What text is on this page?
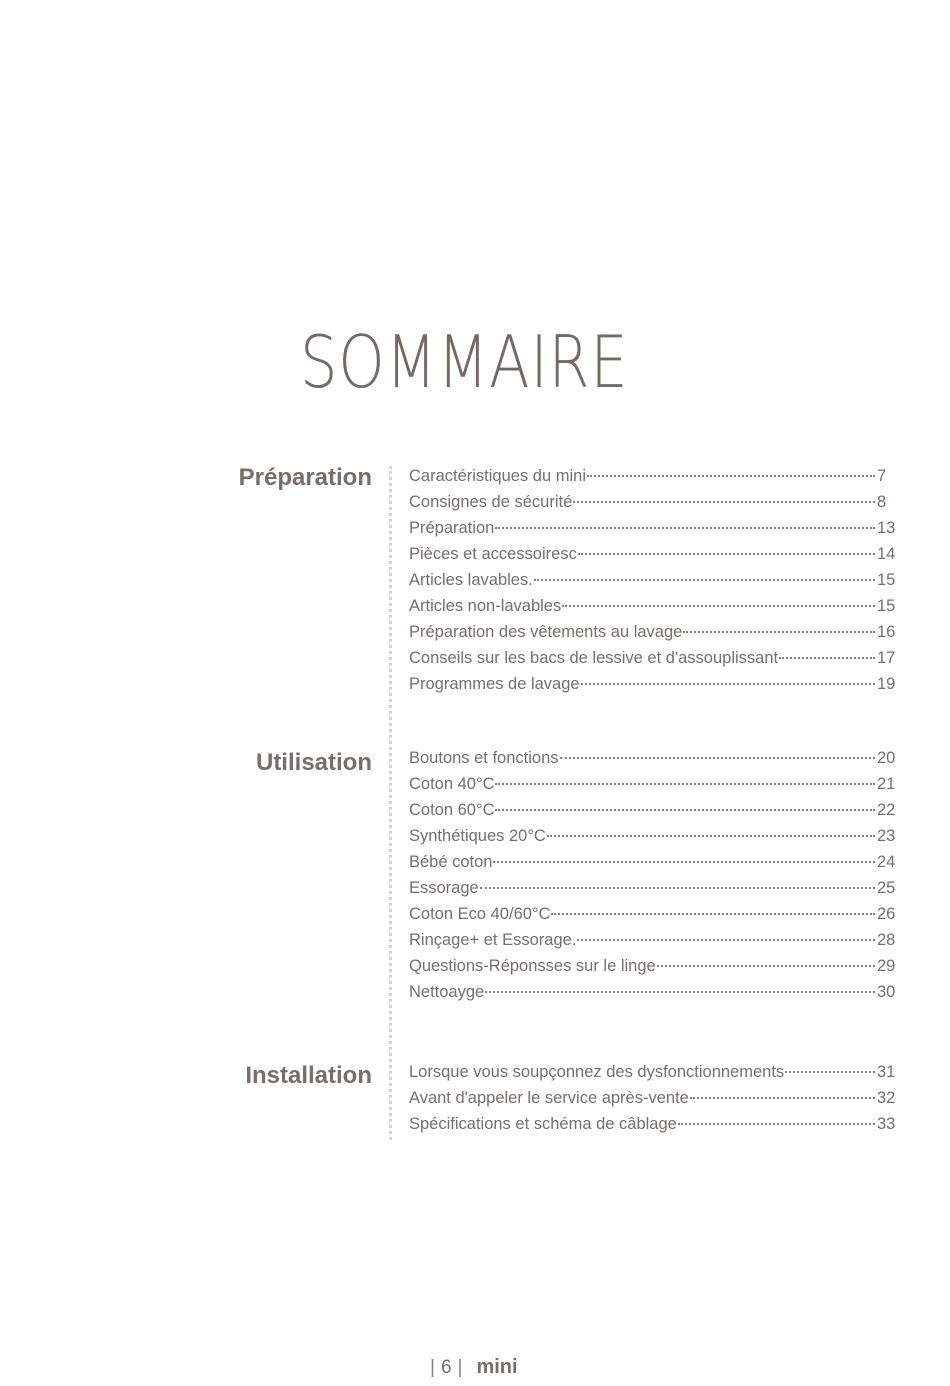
SOMMAIRE
Préparation Caractéristiques du mini	7
Consignes de sécurité	8
Préparation	13
Pièces et accessoiresc	14
Articles lavables.	15
Articles non-lavables	15
Préparation des vêtements au lavage	16
Conseils sur les bacs de lessive et d'assouplissant	17
Programmes de lavage	19
Utilisation Boutons et fonctions	20
Coton 40°C	21
Coton 60°C	22
Synthétiques 20°C	23
Bébé coton	24
Essorage	25
Coton Eco 40/60°C	26
Rinçage+ et Essorage.	28
Questions-Réponsses sur le linge	29
Nettoayge	30
Installation Lorsque vous soupçonnez des dysfonctionnements	31
Avant d'appeler le service après-vente	32
Spécifications et schéma de câblage	33
| 6 | mini
